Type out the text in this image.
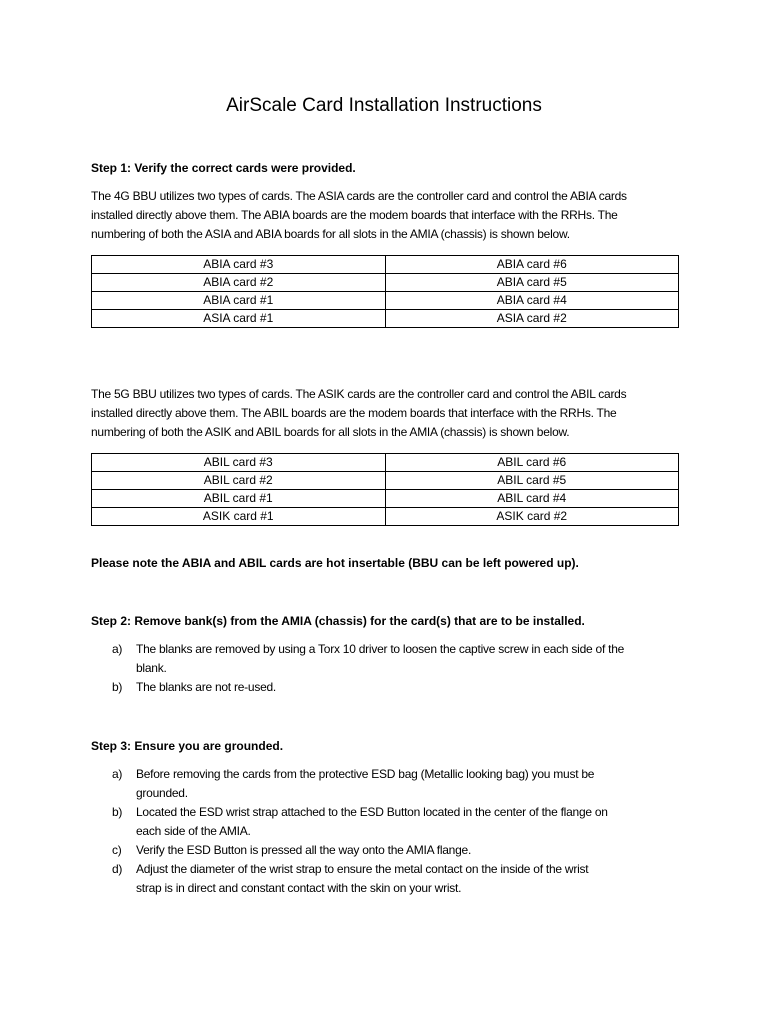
AirScale Card Installation Instructions
Step 1: Verify the correct cards were provided.
The 4G BBU utilizes two types of cards. The ASIA cards are the controller card and control the ABIA cards
installed directly above them. The ABIA boards are the modem boards that interface with the RRHs. The
numbering of both the ASIA and ABIA boards for all slots in the AMIA (chassis) is shown below.
ABIA card #3	ABIA card #6
ABIA card #2	ABIA card #5
ABIA card #1	ABIA card #4
ASIA card #1	ASIA card #2
The 5G BBU utilizes two types of cards. The ASIK cards are the controller card and control the ABIL cards
installed directly above them. The ABIL boards are the modem boards that interface with the RRHs. The
numbering of both the ASIK and ABIL boards for all slots in the AMIA (chassis) is shown below.
ABIL card #3	ABIL card #6
ABIL card #2	ABIL card #5
ABIL card #1	ABIL card #4
ASIK card #1	ASIK card #2
Please note the ABIA and ABIL cards are hot insertable (BBU can be left powered up).
Step 2: Remove bank(s) from the AMIA (chassis) for the card(s) that are to be installed.
a) The blanks are removed by using a Torx 10 driver to loosen the captive screw in each side of the
blank.
b) The blanks are not re-used.
Step 3: Ensure you are grounded.
a) Before removing the cards from the protective ESD bag (Metallic looking bag) you must be
grounded.
b) Located the ESD wrist strap attached to the ESD Button located in the center of the flange on
each side of the AMIA.
c) Verify the ESD Button is pressed all the way onto the AMIA flange.
d) Adjust the diameter of the wrist strap to ensure the metal contact on the inside of the wrist
strap is in direct and constant contact with the skin on your wrist.
